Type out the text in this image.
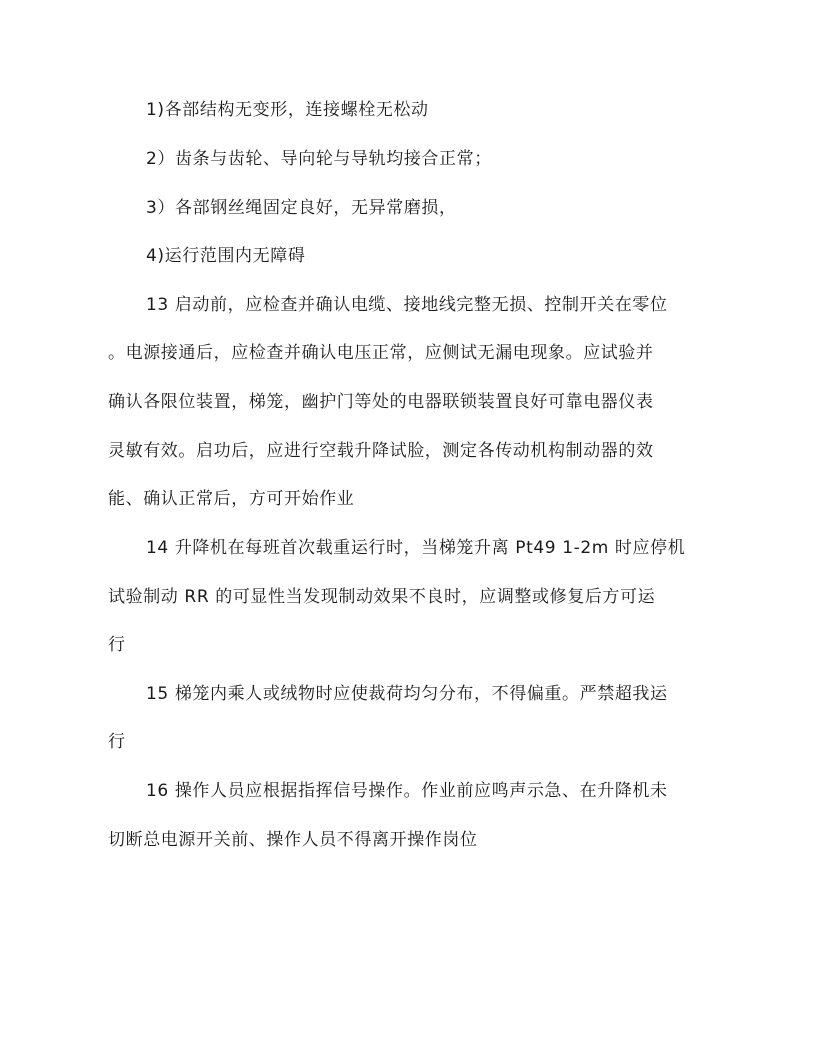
1)各部结构无变形，连接螺栓无松动
2）齿条与齿轮、导向轮与导轨均接合正常；
3）各部钢丝绳固定良好，无异常磨损，
4)运行范围内无障碍
13 启动前，应检查并确认电缆、接地线完整无损、控制开关在零位
。电源接通后，应检查并确认电压正常，应侧试无漏电现象。应试验并
确认各限位装置，梯笼，幽护门等处的电器联锁装置良好可靠电器仪表
灵敏有效。启功后，应进行空载升降试脸，测定各传动机构制动器的效
能、确认正常后，方可开始作业
14 升降机在每班首次载重运行时，当梯笼升离 Pt49 1-2m 时应停机
试验制动 RR 的可显性当发现制动效果不良时，应调整或修复后方可运
行
15 梯笼内乘人或绒物时应使裁荷均匀分布，不得偏重。严禁超我运
行
16 操作人员应根据指挥信号操作。作业前应鸣声示急、在升降机未
切断总电源开关前、操作人员不得离开操作岗位
